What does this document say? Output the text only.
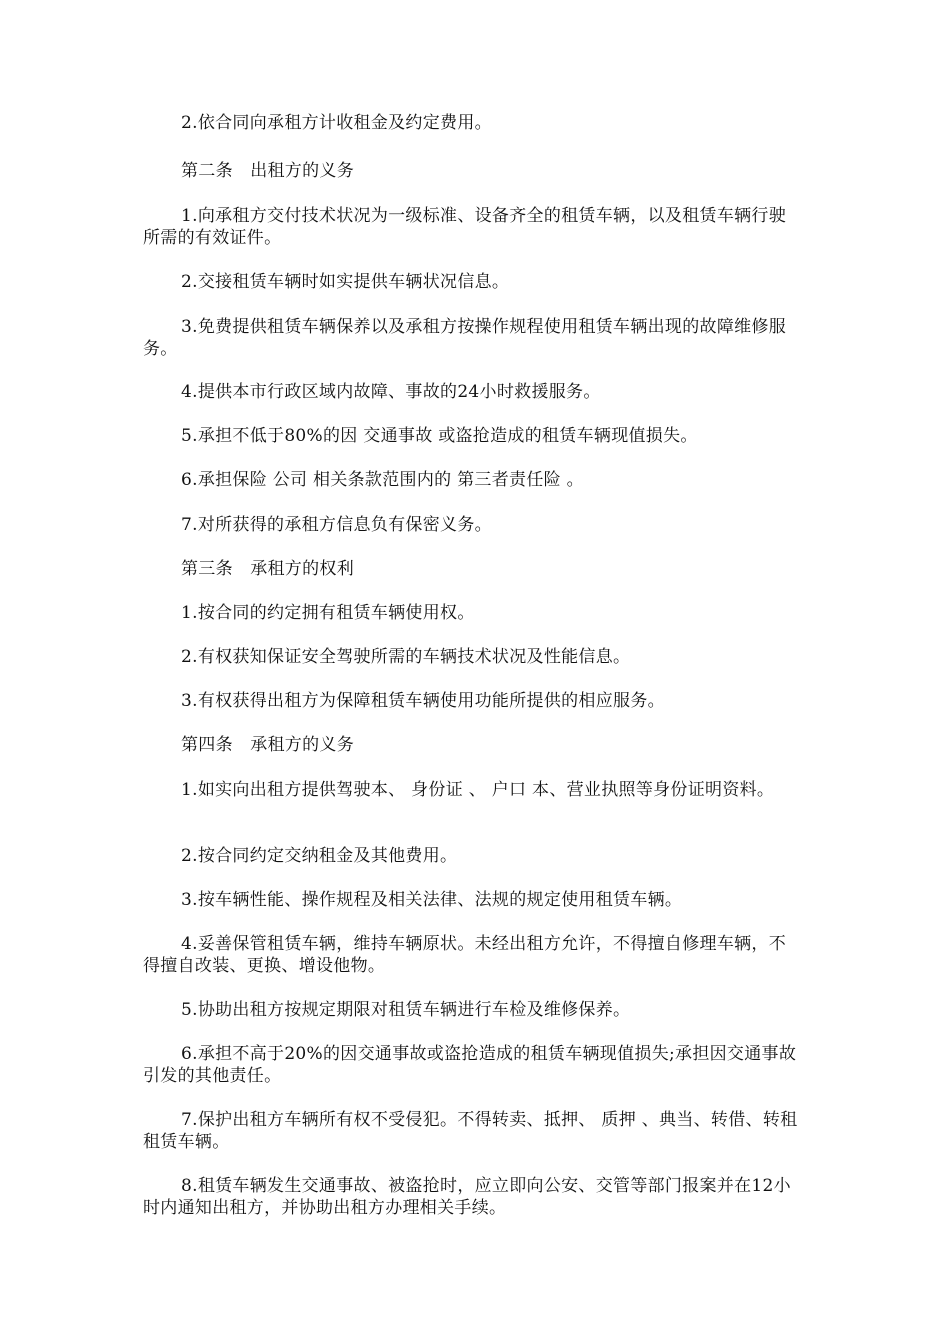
2.依合同向承租方计收租金及约定费用。

第二条　出租方的义务

1.向承租方交付技术状况为一级标准、设备齐全的租赁车辆，以及租赁车辆行驶所需的有效证件。

2.交接租赁车辆时如实提供车辆状况信息。

3.免费提供租赁车辆保养以及承租方按操作规程使用租赁车辆出现的故障维修服务。

4.提供本市行政区域内故障、事故的24小时救援服务。

5.承担不低于80%的因 交通事故 或盗抢造成的租赁车辆现值损失。

6.承担保险 公司 相关条款范围内的 第三者责任险 。

7.对所获得的承租方信息负有保密义务。

第三条　承租方的权利

1.按合同的约定拥有租赁车辆使用权。

2.有权获知保证安全驾驶所需的车辆技术状况及性能信息。

3.有权获得出租方为保障租赁车辆使用功能所提供的相应服务。

第四条　承租方的义务

1.如实向出租方提供驾驶本、 身份证 、 户口 本、营业执照等身份证明资料。

2.按合同约定交纳租金及其他费用。

3.按车辆性能、操作规程及相关法律、法规的规定使用租赁车辆。

4.妥善保管租赁车辆，维持车辆原状。未经出租方允许，不得擅自修理车辆，不得擅自改装、更换、增设他物。

5.协助出租方按规定期限对租赁车辆进行车检及维修保养。

6.承担不高于20%的因交通事故或盗抢造成的租赁车辆现值损失;承担因交通事故引发的其他责任。

7.保护出租方车辆所有权不受侵犯。不得转卖、抵押、 质押 、典当、转借、转租租赁车辆。

8.租赁车辆发生交通事故、被盗抢时，应立即向公安、交管等部门报案并在12小时内通知出租方，并协助出租方办理相关手续。
